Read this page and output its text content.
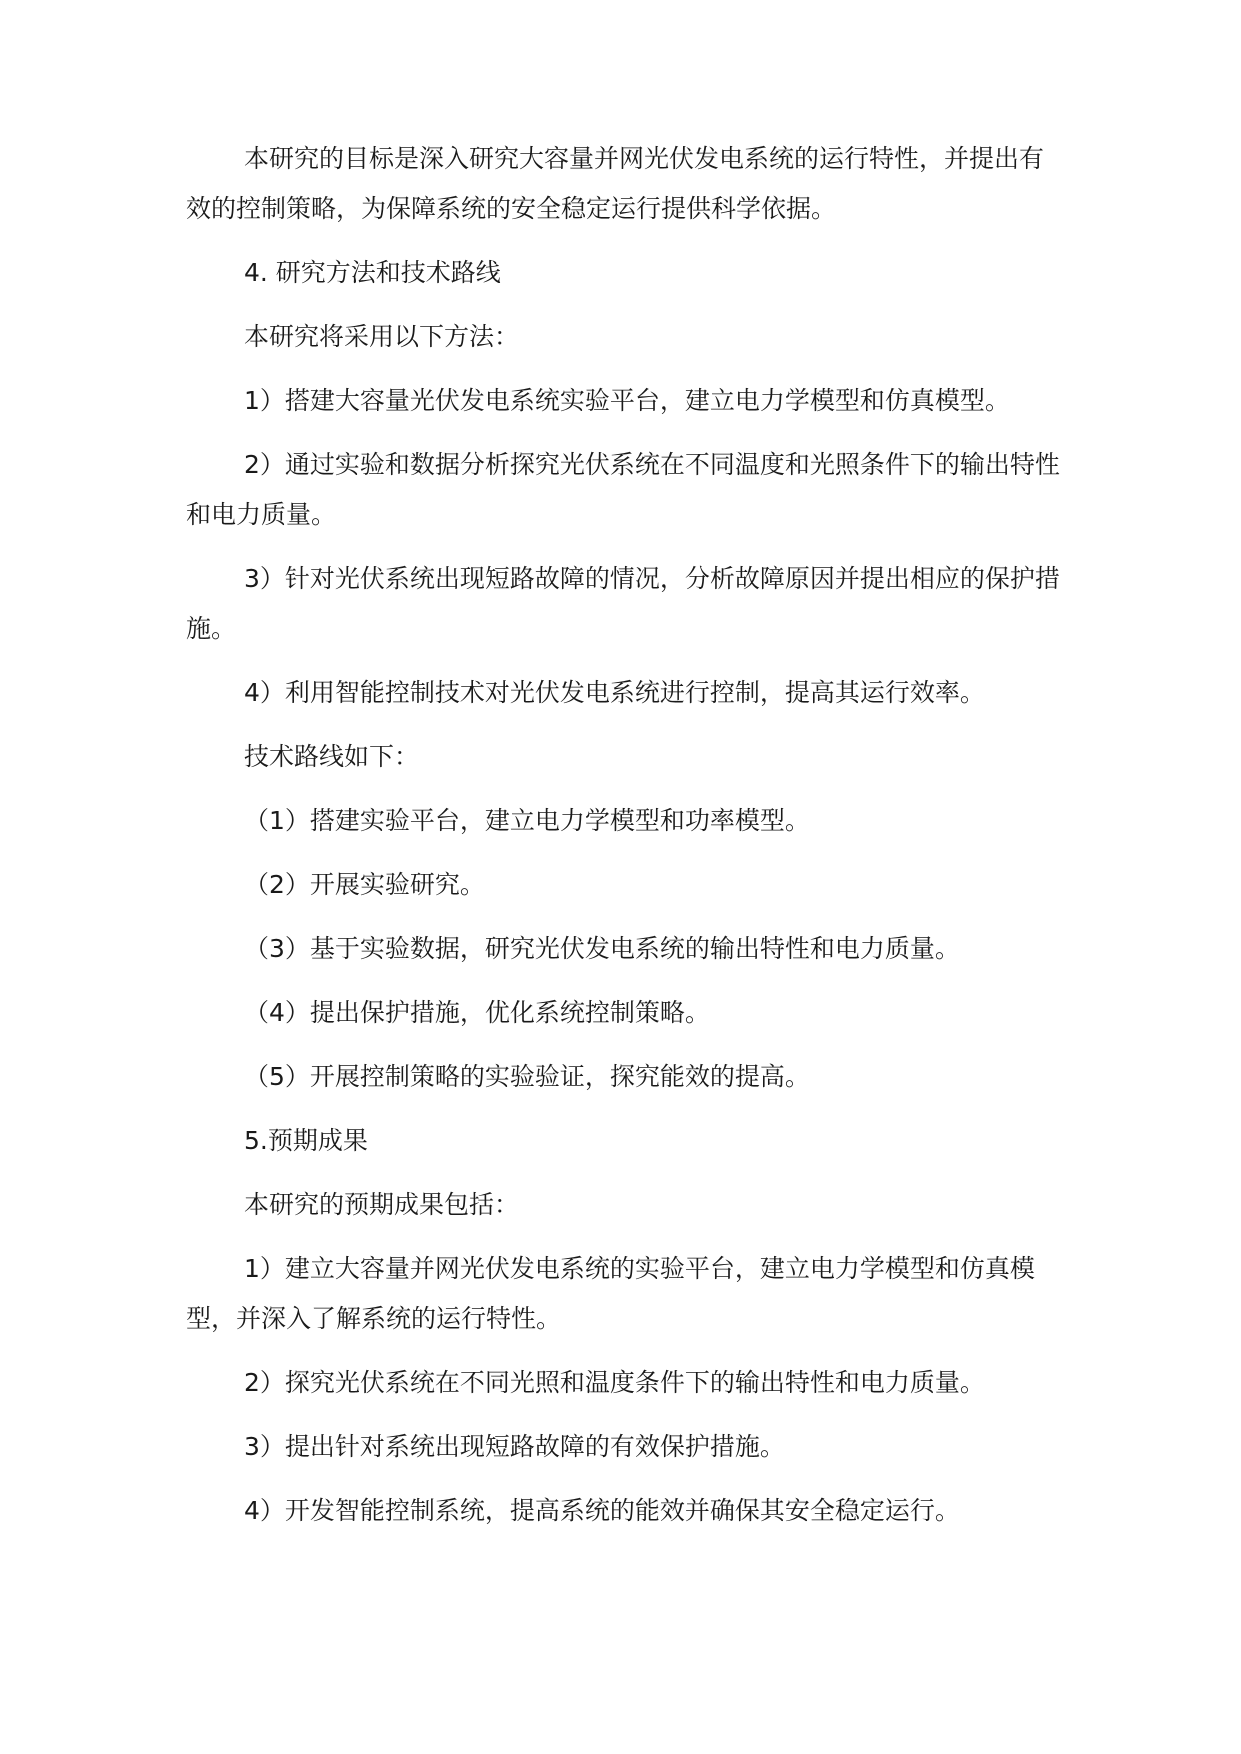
本研究的目标是深入研究大容量并网光伏发电系统的运行特性，并提出有效的控制策略，为保障系统的安全稳定运行提供科学依据。

4. 研究方法和技术路线

本研究将采用以下方法：

1）搭建大容量光伏发电系统实验平台，建立电力学模型和仿真模型。

2）通过实验和数据分析探究光伏系统在不同温度和光照条件下的输出特性和电力质量。

3）针对光伏系统出现短路故障的情况，分析故障原因并提出相应的保护措施。

4）利用智能控制技术对光伏发电系统进行控制，提高其运行效率。

技术路线如下：

（1）搭建实验平台，建立电力学模型和功率模型。

（2）开展实验研究。

（3）基于实验数据，研究光伏发电系统的输出特性和电力质量。

（4）提出保护措施，优化系统控制策略。

（5）开展控制策略的实验验证，探究能效的提高。

5.预期成果

本研究的预期成果包括：

1）建立大容量并网光伏发电系统的实验平台，建立电力学模型和仿真模型，并深入了解系统的运行特性。

2）探究光伏系统在不同光照和温度条件下的输出特性和电力质量。

3）提出针对系统出现短路故障的有效保护措施。

4）开发智能控制系统，提高系统的能效并确保其安全稳定运行。
